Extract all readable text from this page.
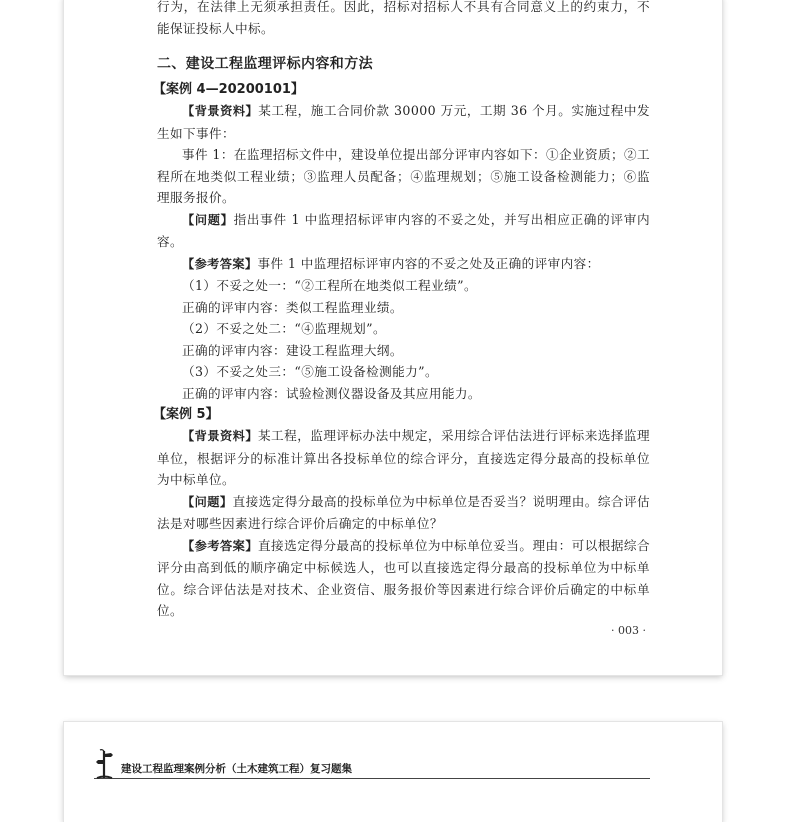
行为，在法律上无须承担责任。因此，招标对招标人不具有合同意义上的约束力，不能保证投标人中标。

二、建设工程监理评标内容和方法
【案例 4—20200101】

【背景资料】某工程，施工合同价款 30000 万元，工期 36 个月。实施过程中发生如下事件：

事件 1：在监理招标文件中，建设单位提出部分评审内容如下：①企业资质；②工程所在地类似工程业绩；③监理人员配备；④监理规划；⑤施工设备检测能力；⑥监理服务报价。

【问题】指出事件 1 中监理招标评审内容的不妥之处，并写出相应正确的评审内容。

【参考答案】事件 1 中监理招标评审内容的不妥之处及正确的评审内容：

（1）不妥之处一：“②工程所在地类似工程业绩”。

正确的评审内容：类似工程监理业绩。

（2）不妥之处二：“④监理规划”。

正确的评审内容：建设工程监理大纲。

（3）不妥之处三：“⑤施工设备检测能力”。

正确的评审内容：试验检测仪器设备及其应用能力。

【案例 5】

【背景资料】某工程，监理评标办法中规定，采用综合评估法进行评标来选择监理单位，根据评分的标准计算出各投标单位的综合评分，直接选定得分最高的投标单位为中标单位。

【问题】直接选定得分最高的投标单位为中标单位是否妥当？说明理由。综合评估法是对哪些因素进行综合评价后确定的中标单位？

【参考答案】直接选定得分最高的投标单位为中标单位妥当。理由：可以根据综合评分由高到低的顺序确定中标候选人，也可以直接选定得分最高的投标单位为中标单位。综合评估法是对技术、企业资信、服务报价等因素进行综合评价后确定的中标单位。

· 003 ·
建设工程监理案例分析（土木建筑工程）复习题集
